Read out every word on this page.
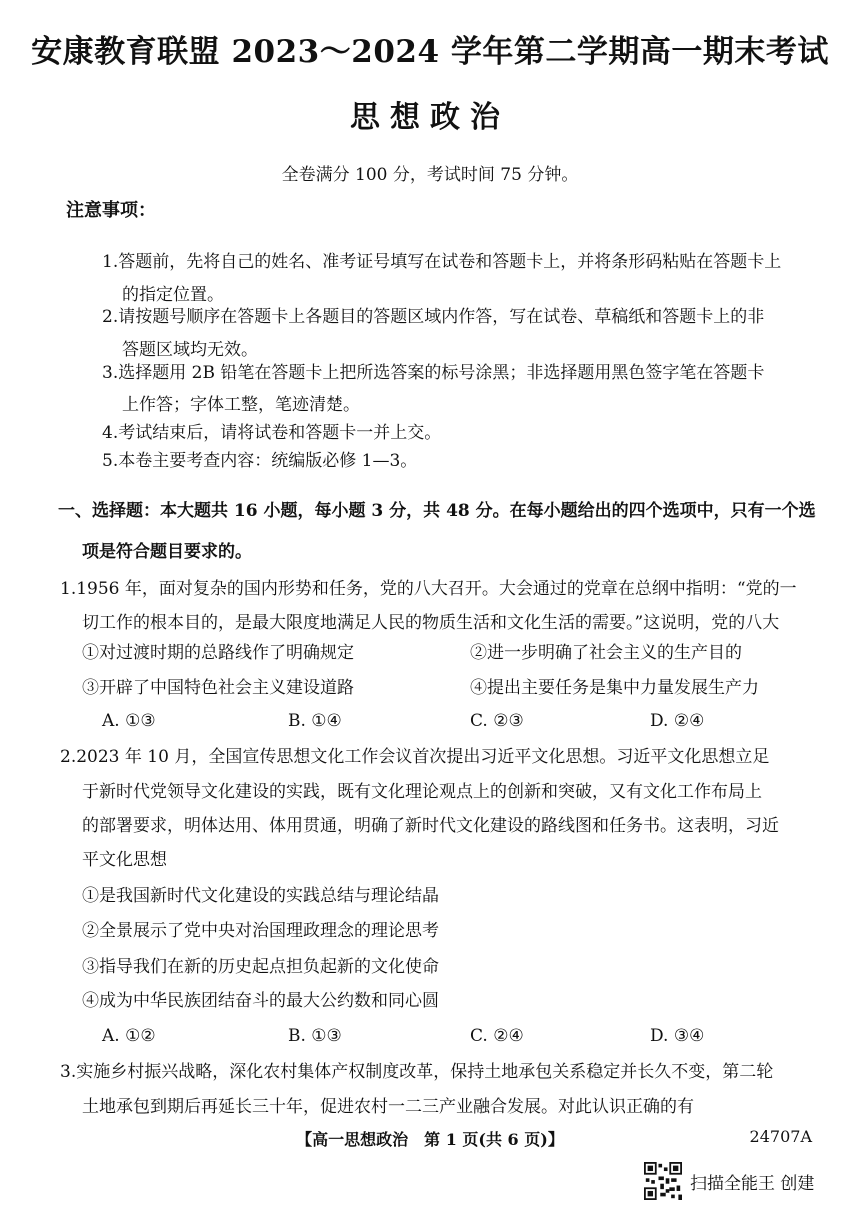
安康教育联盟 2023～2024 学年第二学期高一期末考试
思想政治
全卷满分 100 分，考试时间 75 分钟。
注意事项：
1.答题前，先将自己的姓名、准考证号填写在试卷和答题卡上，并将条形码粘贴在答题卡上
的指定位置。
2.请按题号顺序在答题卡上各题目的答题区域内作答，写在试卷、草稿纸和答题卡上的非
答题区域均无效。
3.选择题用 2B 铅笔在答题卡上把所选答案的标号涂黑；非选择题用黑色签字笔在答题卡
上作答；字体工整，笔迹清楚。
4.考试结束后，请将试卷和答题卡一并上交。
5.本卷主要考查内容：统编版必修 1—3。
一、选择题：本大题共 16 小题，每小题 3 分，共 48 分。在每小题给出的四个选项中，只有一个选
项是符合题目要求的。
1.1956 年，面对复杂的国内形势和任务，党的八大召开。大会通过的党章在总纲中指明：“党的一
切工作的根本目的，是最大限度地满足人民的物质生活和文化生活的需要。”这说明，党的八大
①对过渡时期的总路线作了明确规定	②进一步明确了社会主义的生产目的
③开辟了中国特色社会主义建设道路	④提出主要任务是集中力量发展生产力
A. ①③	B. ①④	C. ②③	D. ②④
2.2023 年 10 月，全国宣传思想文化工作会议首次提出习近平文化思想。习近平文化思想立足
于新时代党领导文化建设的实践，既有文化理论观点上的创新和突破，又有文化工作布局上
的部署要求，明体达用、体用贯通，明确了新时代文化建设的路线图和任务书。这表明，习近
平文化思想
①是我国新时代文化建设的实践总结与理论结晶
②全景展示了党中央对治国理政理念的理论思考
③指导我们在新的历史起点担负起新的文化使命
④成为中华民族团结奋斗的最大公约数和同心圆
A. ①②	B. ①③	C. ②④	D. ③④
3.实施乡村振兴战略，深化农村集体产权制度改革，保持土地承包关系稳定并长久不变，第二轮
土地承包到期后再延长三十年，促进农村一二三产业融合发展。对此认识正确的有
【高一思想政治　第 1 页(共 6 页)】	24707A
扫描全能王 创建
